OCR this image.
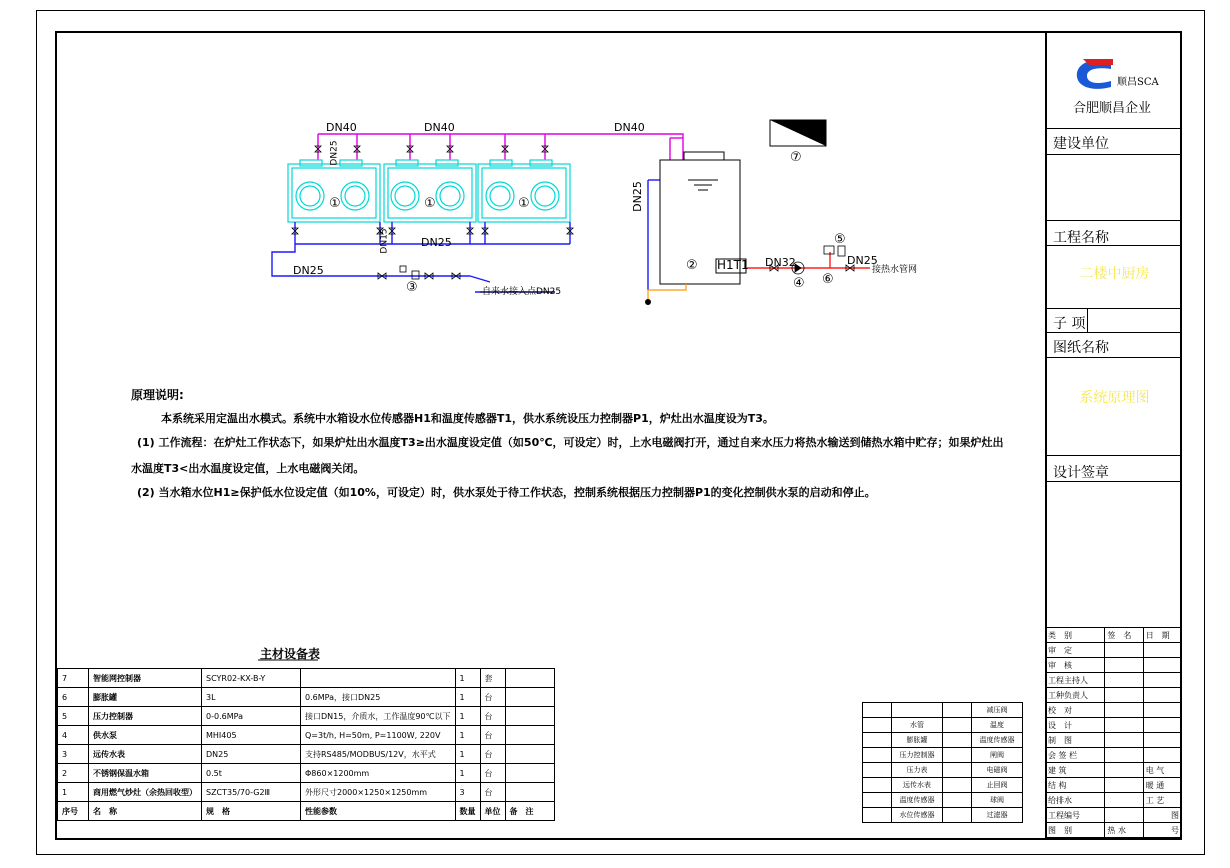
DN40	DN40	DN40
DN25
DN25
DN32	DN25
DN25
DN25
DN15
H1T1
自来水接入点DN25
接热水管网
①	①	①
②
③	④
⑤
⑥
⑦
原理说明:
本系统采用定温出水模式。系统中水箱设水位传感器H1和温度传感器T1，供水系统设压力控制器P1，炉灶出水温度设为T3。
(1) 工作流程：在炉灶工作状态下，如果炉灶出水温度T3≥出水温度设定值（如50℃，可设定）时，上水电磁阀打开，通过自来水压力将热水输送到储热水箱中贮存；如果炉灶出
水温度T3<出水温度设定值，上水电磁阀关闭。
(2) 当水箱水位H1≥保护低水位设定值（如10%，可设定）时，供水泵处于待工作状态，控制系统根据压力控制器P1的变化控制供水泵的启动和停止。
主材设备表
7	智能网控制器	SCYR02-KX-B-Y		1	套	
6	膨胀罐	3L	0.6MPa，接口DN25	1	台	
5	压力控制器	0-0.6MPa	接口DN15，介质水，工作温度90℃以下	1	台	
4	供水泵	MHI405	Q=3t/h, H=50m, P=1100W, 220V	1	台	
3	远传水表	DN25	支持RS485/MODBUS/12V，水平式	1	台	
2	不锈钢保温水箱	0.5t	Φ860×1200mm	1	台	
1	商用燃气炒灶（余热回收型）	SZCT35/70-G2Ⅲ	外形尺寸2000×1250×1250mm	3	台	
序号	名　称	规　格	性能参数	数量	单位	备　注
			减压阀
	水管		温度
	膨胀罐		温度传感器
	压力控制器		闸阀
	压力表		电磁阀
	远传水表		止回阀
	温度传感器		球阀
	水位传感器		过滤器
顺昌SCA
合肥顺昌企业
建设单位
工程名称
二楼中厨房
子 项
图纸名称
系统原理图
设计签章
类　别	签　名	日　期
审　定		
审　核		
工程主持人		
工种负责人		
校　对		
设　计		
制　图		
会 签 栏		
建 筑		电 气
结 构		暖 通
给排水		工 艺
工程编号		图
图　别	热 水	号
